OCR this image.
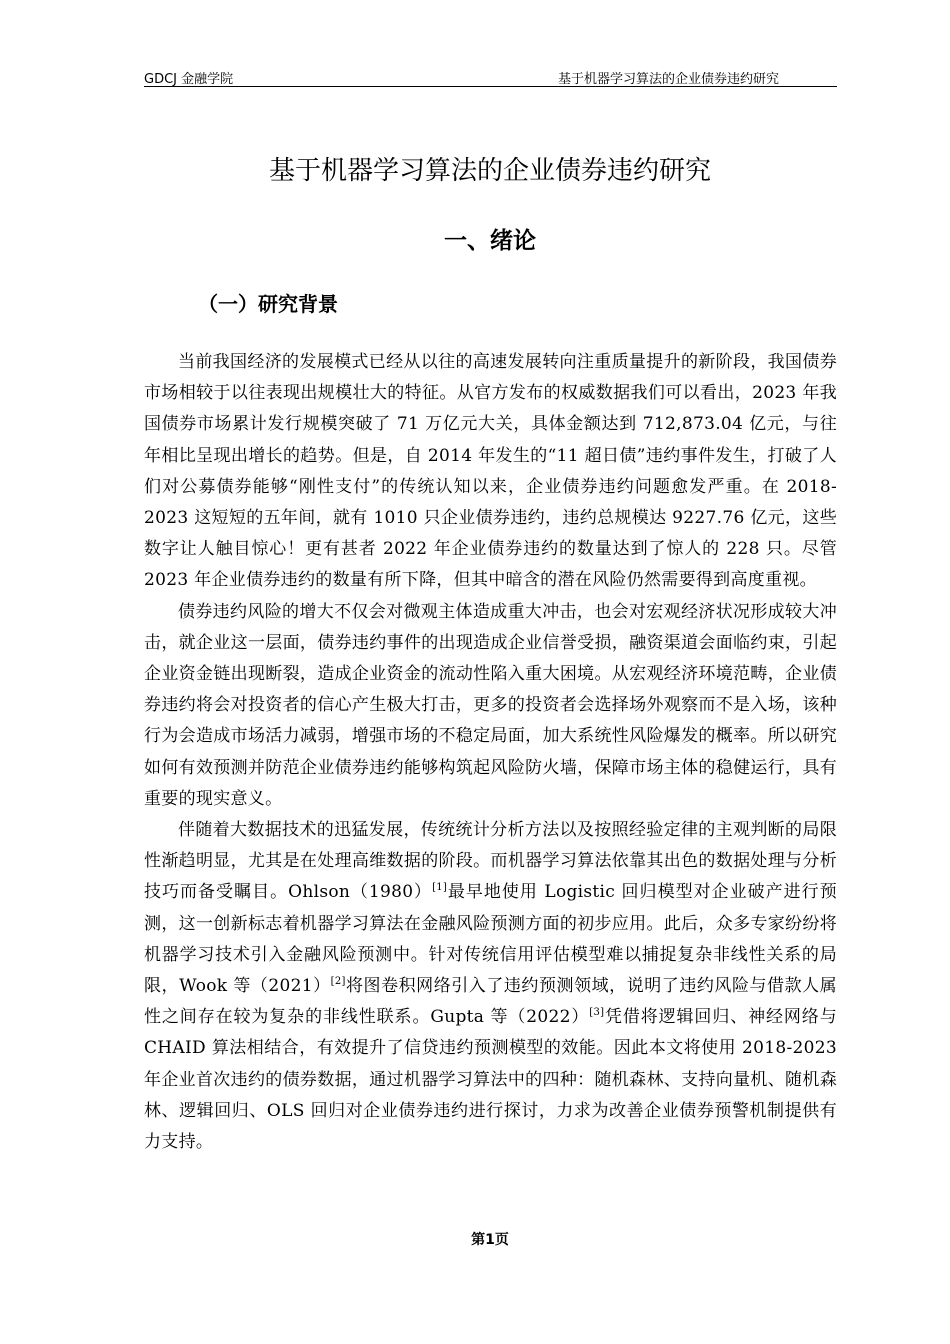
GDCJ 金融学院	基于机器学习算法的企业债券违约研究
基于机器学习算法的企业债券违约研究
一、绪论
（一）研究背景

当前我国经济的发展模式已经从以往的高速发展转向注重质量提升的新阶段，我国债券市场相较于以往表现出规模壮大的特征。从官方发布的权威数据我们可以看出，2023 年我国债券市场累计发行规模突破了 71 万亿元大关，具体金额达到 712,873.04 亿元，与往年相比呈现出增长的趋势。但是，自 2014 年发生的“11 超日债”违约事件发生，打破了人们对公募债券能够“刚性支付”的传统认知以来，企业债券违约问题愈发严重。在 2018-2023 这短短的五年间，就有 1010 只企业债券违约，违约总规模达 9227.76 亿元，这些数字让人触目惊心！更有甚者 2022 年企业债券违约的数量达到了惊人的 228 只。尽管 2023 年企业债券违约的数量有所下降，但其中暗含的潜在风险仍然需要得到高度重视。

债券违约风险的增大不仅会对微观主体造成重大冲击，也会对宏观经济状况形成较大冲击，就企业这一层面，债券违约事件的出现造成企业信誉受损，融资渠道会面临约束，引起企业资金链出现断裂，造成企业资金的流动性陷入重大困境。从宏观经济环境范畴，企业债券违约将会对投资者的信心产生极大打击，更多的投资者会选择场外观察而不是入场，该种行为会造成市场活力减弱，增强市场的不稳定局面，加大系统性风险爆发的概率。所以研究如何有效预测并防范企业债券违约能够构筑起风险防火墙，保障市场主体的稳健运行，具有重要的现实意义。

伴随着大数据技术的迅猛发展，传统统计分析方法以及按照经验定律的主观判断的局限性渐趋明显，尤其是在处理高维数据的阶段。而机器学习算法依靠其出色的数据处理与分析技巧而备受瞩目。Ohlson（1980）[1]最早地使用 Logistic 回归模型对企业破产进行预测，这一创新标志着机器学习算法在金融风险预测方面的初步应用。此后，众多专家纷纷将机器学习技术引入金融风险预测中。针对传统信用评估模型难以捕捉复杂非线性关系的局限，Wook 等（2021）[2]将图卷积网络引入了违约预测领域，说明了违约风险与借款人属性之间存在较为复杂的非线性联系。Gupta 等（2022）[3]凭借将逻辑回归、神经网络与 CHAID 算法相结合，有效提升了信贷违约预测模型的效能。因此本文将使用 2018-2023 年企业首次违约的债券数据，通过机器学习算法中的四种：随机森林、支持向量机、随机森林、逻辑回归、OLS 回归对企业债券违约进行探讨，力求为改善企业债券预警机制提供有力支持。

第1页
